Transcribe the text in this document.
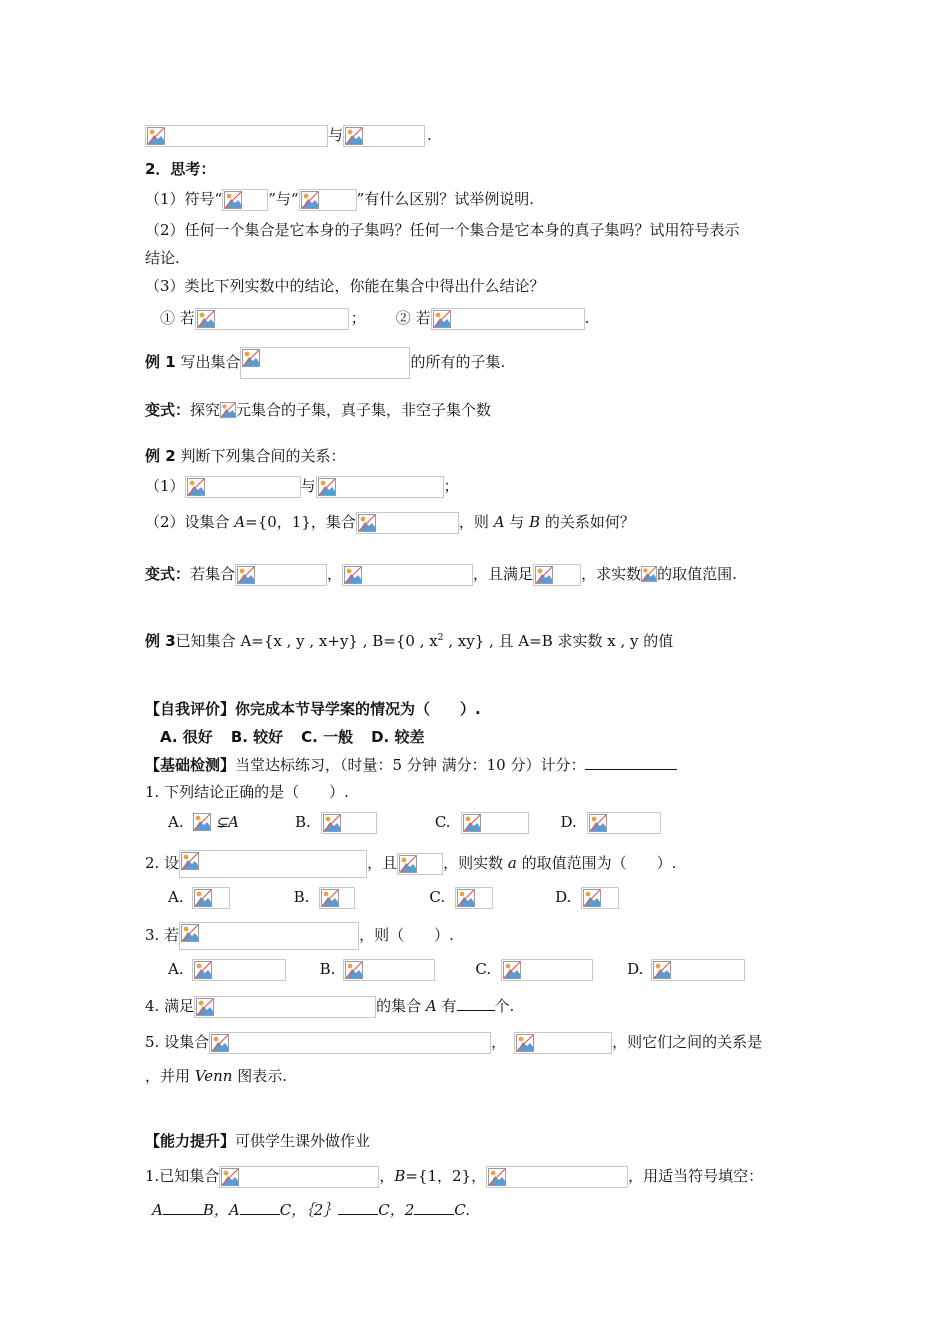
与	.
2．思考：
（1）符号“	”与“	”有什么区别？试举例说明.
（2）任何一个集合是它本身的子集吗？任何一个集合是它本身的真子集吗？试用符号表示
结论.
（3）类比下列实数中的结论，你能在集合中得出什么结论？
① 若	； ② 若	.
例 1 写出集合	的所有的子集.
变式：探究 元集合的子集，真子集，非空子集个数
例 2 判断下列集合间的关系：
（1）	与	；
（2）设集合 A={0，1}，集合	，则 A 与 B 的关系如何？
变式：若集合	，	，且满足	，求实数 的取值范围.
例 3已知集合 A={x , y , x+y} , B={0 , $x^2$ , xy} , 且 A=B 求实数 x , y 的值
【自我评价】你完成本节导学案的情况为（　　）.
A. 很好 B. 较好 C. 一般 D. 较差
【基础检测】当堂达标练习，（时量：5 分钟 满分：10 分）计分：
1. 下列结论正确的是（　　）.
A. ⊊A	B.	C.	D.
2. 设	，且	，则实数 a 的取值范围为（　　）.
A.	B.	C.	D.
3. 若	，则（　　）.
A.	B.	C.	D.
4. 满足	的集合 A 有	个.
5. 设集合	，	，则它们之间的关系是
，并用 Venn 图表示.
【能力提升】可供学生课外做作业
1.已知集合	，B={1，2}，	，用适当符号填空：
A	B，A	C，｛2｝	C，2	C.
